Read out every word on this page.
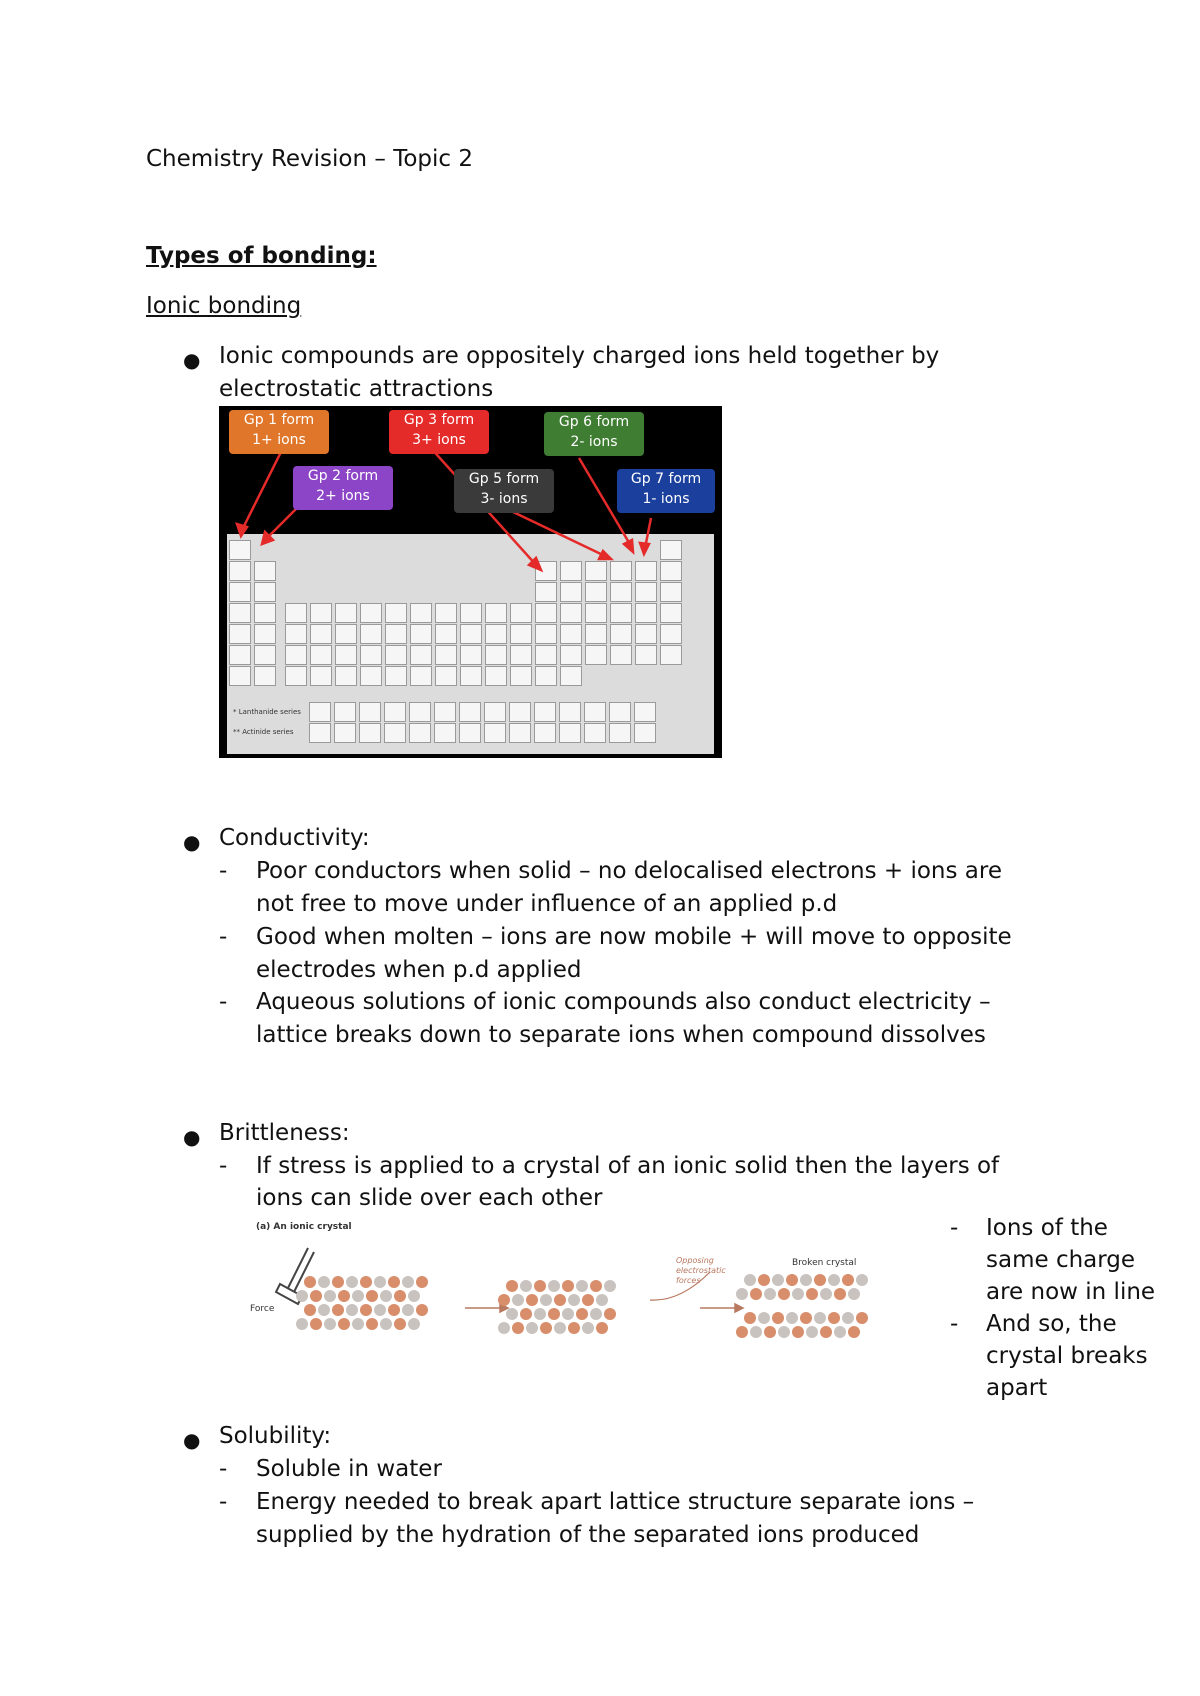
Chemistry Revision – Topic 2
Types of bonding:
Ionic bonding
● Ionic compounds are oppositely charged ions held together by
electrostatic attractions
Gp 1 form
1+ ions
Gp 3 form
3+ ions
Gp 6 form
2- ions
Gp 2 form
2+ ions
Gp 5 form
3- ions
Gp 7 form
1- ions
* Lanthanide series
** Actinide series
● Conductivity:
- Poor conductors when solid – no delocalised electrons + ions are
not free to move under influence of an applied p.d
- Good when molten – ions are now mobile + will move to opposite
electrodes when p.d applied
- Aqueous solutions of ionic compounds also conduct electricity –
lattice breaks down to separate ions when compound dissolves
● Brittleness:
- If stress is applied to a crystal of an ionic solid then the layers of
ions can slide over each other
(a) An ionic crystal
Force
Opposing electrostatic forces
Broken crystal
- Ions of the
same charge
are now in line
- And so, the
crystal breaks
apart
● Solubility:
- Soluble in water
- Energy needed to break apart lattice structure separate ions –
supplied by the hydration of the separated ions produced
